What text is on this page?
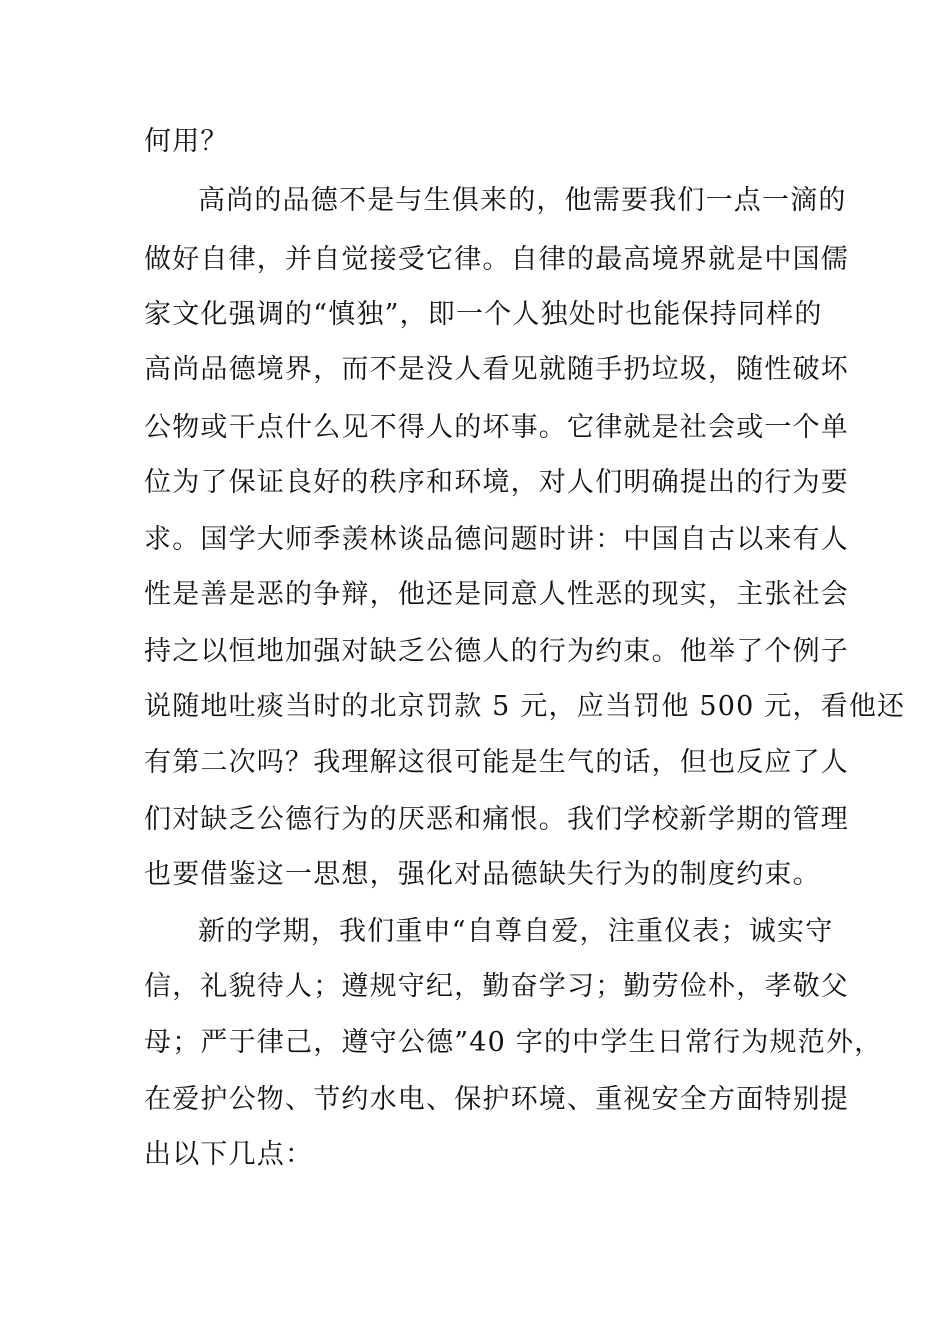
何用？
高尚的品德不是与生俱来的，他需要我们一点一滴的
做好自律，并自觉接受它律。自律的最高境界就是中国儒
家文化强调的“慎独”，即一个人独处时也能保持同样的
高尚品德境界，而不是没人看见就随手扔垃圾，随性破坏
公物或干点什么见不得人的坏事。它律就是社会或一个单
位为了保证良好的秩序和环境，对人们明确提出的行为要
求。国学大师季羡林谈品德问题时讲：中国自古以来有人
性是善是恶的争辩，他还是同意人性恶的现实，主张社会
持之以恒地加强对缺乏公德人的行为约束。他举了个例子
说随地吐痰当时的北京罚款 5 元，应当罚他 500 元，看他还
有第二次吗？我理解这很可能是生气的话，但也反应了人
们对缺乏公德行为的厌恶和痛恨。我们学校新学期的管理
也要借鉴这一思想，强化对品德缺失行为的制度约束。
新的学期，我们重申“自尊自爱，注重仪表；诚实守
信，礼貌待人；遵规守纪，勤奋学习；勤劳俭朴，孝敬父
母；严于律己，遵守公德”40 字的中学生日常行为规范外，
在爱护公物、节约水电、保护环境、重视安全方面特别提
出以下几点：
